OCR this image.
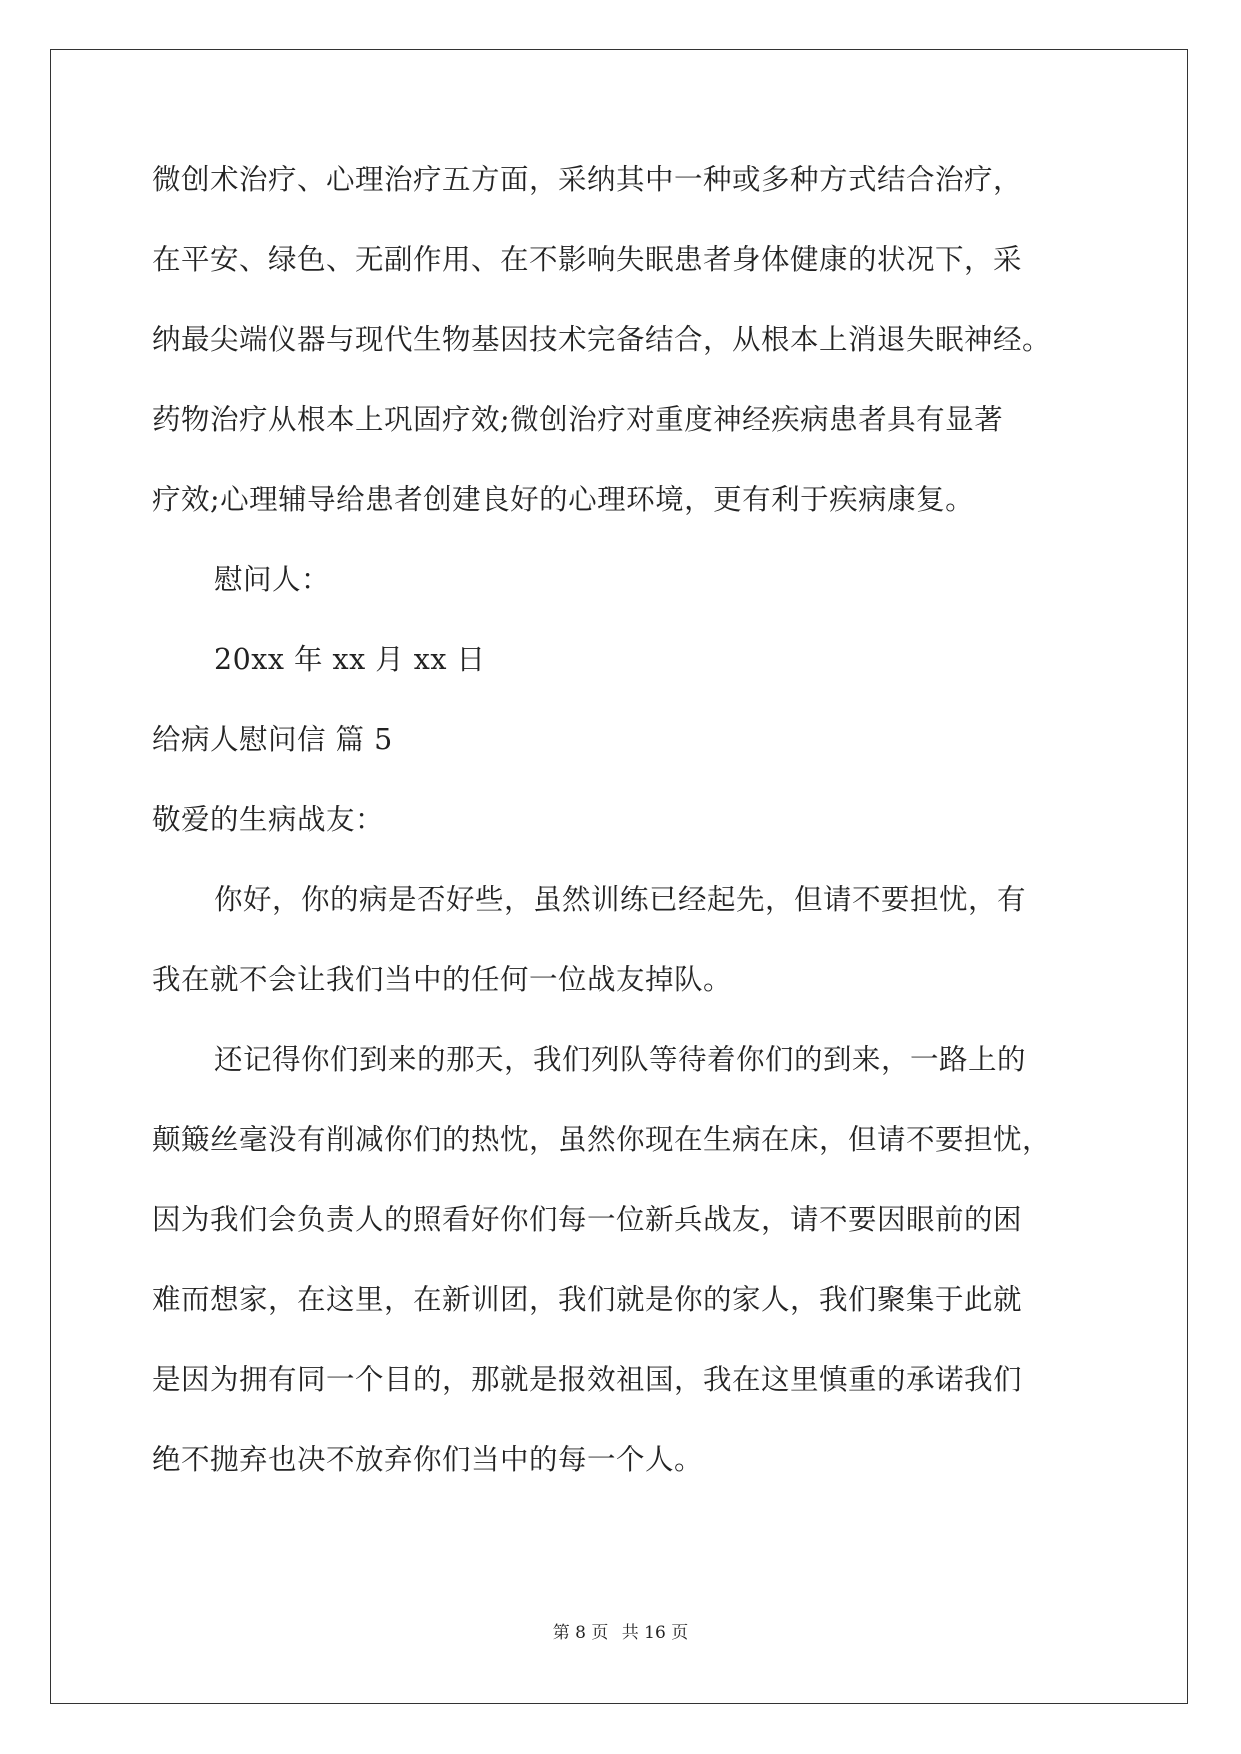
微创术治疗、心理治疗五方面，采纳其中一种或多种方式结合治疗，
在平安、绿色、无副作用、在不影响失眠患者身体健康的状况下，采
纳最尖端仪器与现代生物基因技术完备结合，从根本上消退失眠神经。
药物治疗从根本上巩固疗效;微创治疗对重度神经疾病患者具有显著
疗效;心理辅导给患者创建良好的心理环境，更有利于疾病康复。
慰问人：
20xx 年 xx 月 xx 日
给病人慰问信 篇 5
敬爱的生病战友：
你好，你的病是否好些，虽然训练已经起先，但请不要担忧，有
我在就不会让我们当中的任何一位战友掉队。
还记得你们到来的那天，我们列队等待着你们的到来，一路上的
颠簸丝毫没有削减你们的热忱，虽然你现在生病在床，但请不要担忧，
因为我们会负责人的照看好你们每一位新兵战友，请不要因眼前的困
难而想家，在这里，在新训团，我们就是你的家人，我们聚集于此就
是因为拥有同一个目的，那就是报效祖国，我在这里慎重的承诺我们
绝不抛弃也决不放弃你们当中的每一个人。
第 8 页 共 16 页
